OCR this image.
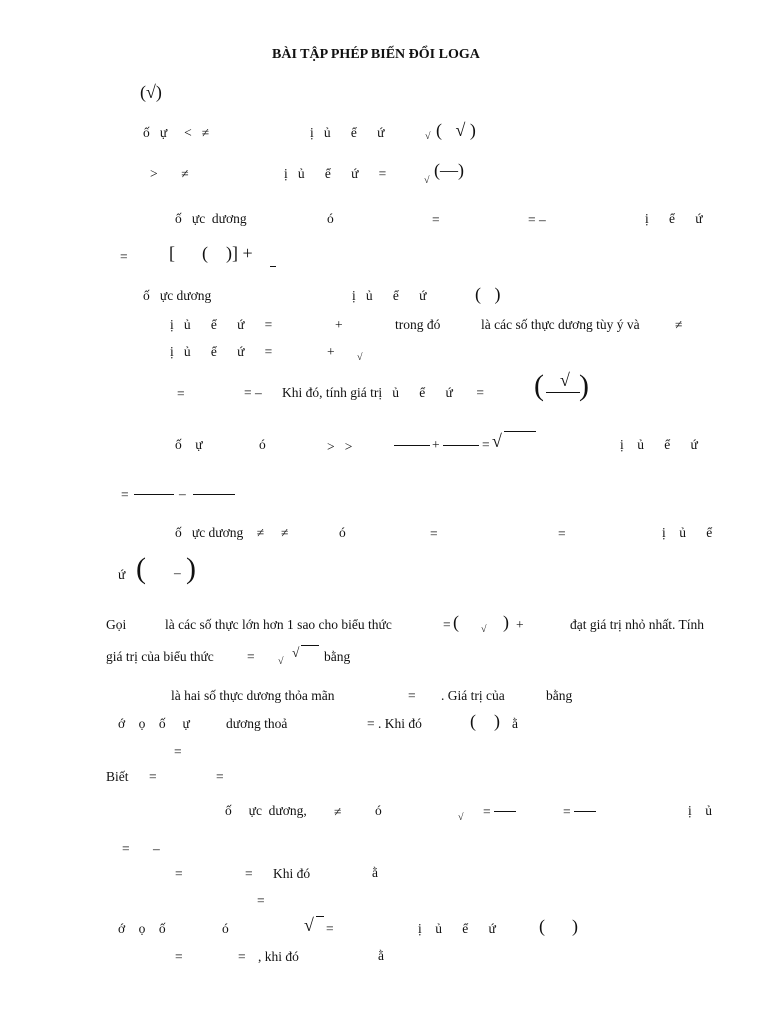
BÀI TẬP PHÉP BIẾN ĐỔI LOGA
(√)
ố   ự     <   ≠	ị   ủ      ể      ứ	(   √ )
√
>       ≠	ị   ủ      ể      ứ      =	√
(—)
ố   ực  dương	ó	=	= –	ị      ể      ứ
= [      (    )] +
ố   ực dương	ị   ủ      ể      ứ	(   )
ị   ủ      ể      ứ      =	+	trong đó	là các số thực dương tùy ý và	≠
ị   ủ      ể      ứ      =	+ √
=	= – Khi đó, tính giá trị   ủ      ể      ứ       = ( √ )
ố    ự	ó	>   >	+	= √	ị    ủ      ể      ứ
=	–
ố   ực dương    ≠     ≠	ó	=	=	ị    ủ      ể
ứ ( – )
Gọi	là các số thực lớn hơn 1 sao cho biểu thức	= ( √ ) +	đạt giá trị nhỏ nhất. Tính
giá trị của biểu thức = √
√ bằng
là hai số thực dương thỏa mãn	= . Giá trị của	bằng
ớ    ọ    ố     ự	dương thoả	= . Khi đó	(    ) ằ
=
Biết =	=
ố     ực  dương, ≠ ó	√ =	=	ị    ủ
= –
=	= Khi đó	ằ
=
ớ    ọ    ố	ó	√ =	ị    ủ      ể      ứ (      )
=	= , khi đó	ằ
